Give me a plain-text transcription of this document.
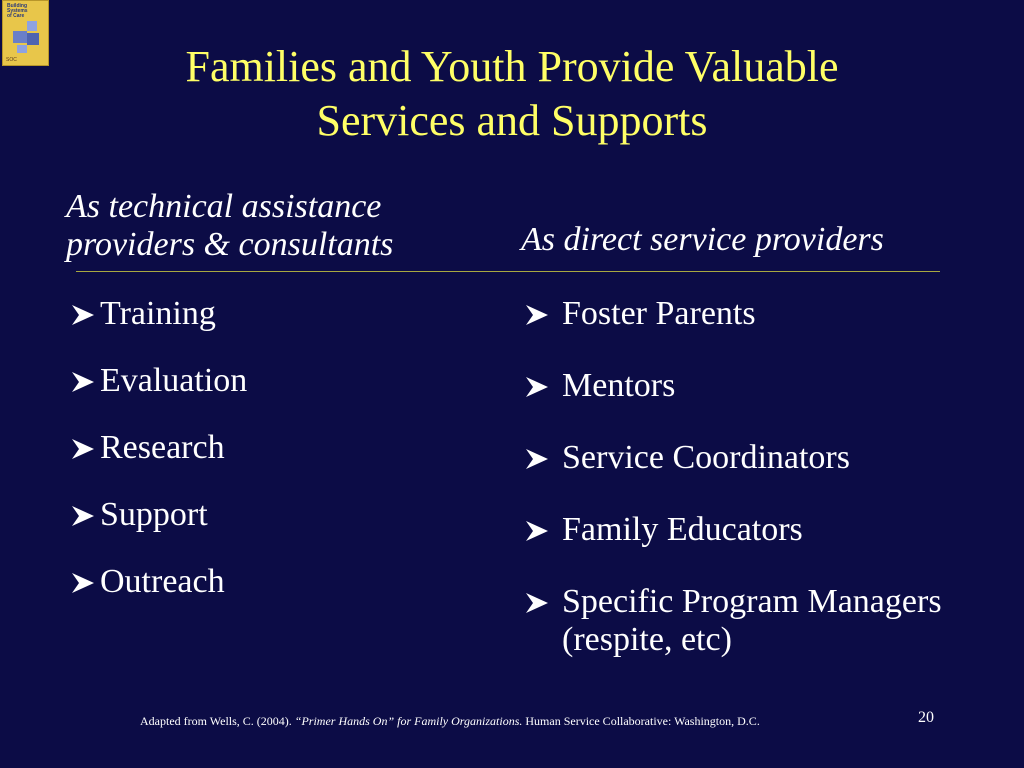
Building Systems of Care
SOC	Families and Youth Provide Valuable
Services and Supports
As technical assistance
providers & consultants	As direct service providers
Training
Evaluation
Research
Support
Outreach
Foster Parents
Mentors
Service Coordinators
Family Educators
Specific Program Managers (respite, etc)
Adapted from Wells, C. (2004). “Primer Hands On” for Family Organizations. Human Service Collaborative: Washington, D.C.	20
